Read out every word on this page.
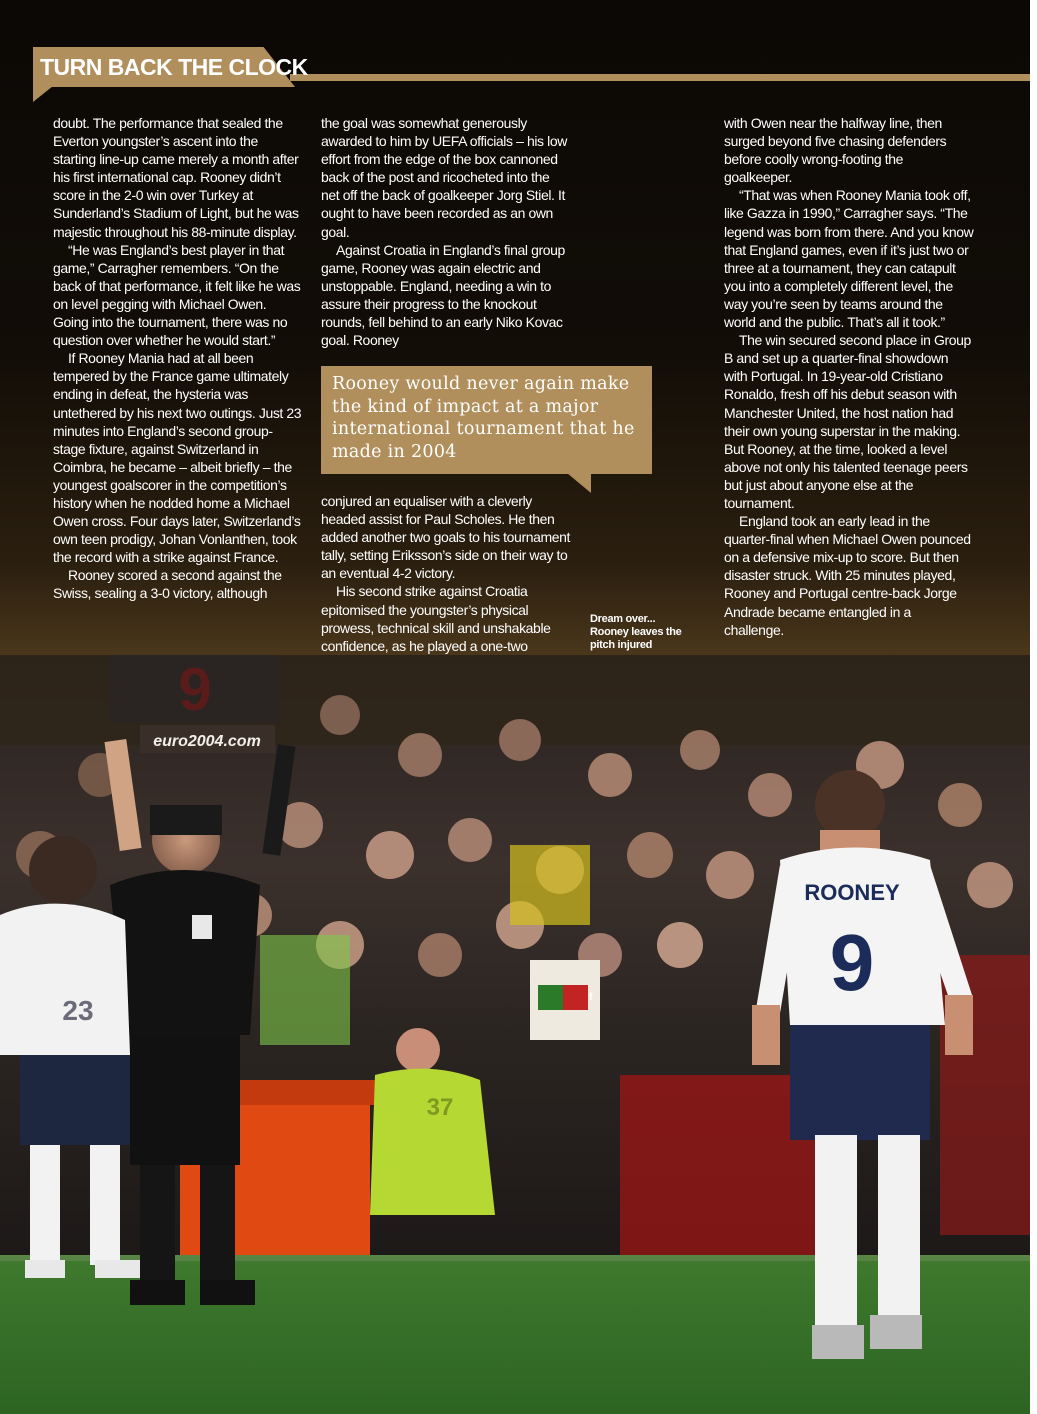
TURN BACK THE CLOCK

doubt. The performance that sealed the Everton youngster’s ascent into the starting line-up came merely a month after his first international cap. Rooney didn’t score in the 2-0 win over Turkey at Sunderland’s Stadium of Light, but he was majestic throughout his 88-minute display.

“He was England’s best player in that game,” Carragher remembers. “On the back of that performance, it felt like he was on level pegging with Michael Owen. Going into the tournament, there was no question over whether he would start.”

If Rooney Mania had at all been tempered by the France game ultimately ending in defeat, the hysteria was untethered by his next two outings. Just 23 minutes into England’s second group-stage fixture, against Switzerland in Coimbra, he became – albeit briefly – the youngest goalscorer in the competition’s history when he nodded home a Michael Owen cross. Four days later, Switzerland’s own teen prodigy, Johan Vonlanthen, took the record with a strike against France.

Rooney scored a second against the Swiss, sealing a 3-0 victory, although

the goal was somewhat generously awarded to him by UEFA officials – his low effort from the edge of the box cannoned back of the post and ricocheted into the net off the back of goalkeeper Jorg Stiel. It ought to have been recorded as an own goal.

Against Croatia in England’s final group game, Rooney was again electric and unstoppable. England, needing a win to assure their progress to the knockout rounds, fell behind to an early Niko Kovac goal. Rooney

Rooney would never again make the kind of impact at a major international tournament that he made in 2004

conjured an equaliser with a cleverly headed assist for Paul Scholes. He then added another two goals to his tournament tally, setting Eriksson’s side on their way to an eventual 4-2 victory.

His second strike against Croatia epitomised the youngster’s physical prowess, technical skill and unshakable confidence, as he played a one-two

with Owen near the halfway line, then surged beyond five chasing defenders before coolly wrong-footing the goalkeeper.

“That was when Rooney Mania took off, like Gazza in 1990,” Carragher says. “The legend was born from there. And you know that England games, even if it’s just two or three at a tournament, they can catapult you into a completely different level, the way you’re seen by teams around the world and the public. That’s all it took.”

The win secured second place in Group B and set up a quarter-final showdown with Portugal. In 19-year-old Cristiano Ronaldo, fresh off his debut season with Manchester United, the host nation had their own young superstar in the making. But Rooney, at the time, looked a level above not only his talented teenage peers but just about anyone else at the tournament.

England took an early lead in the quarter-final when Michael Owen pounced on a defensive mix-up to score. But then disaster struck. With 25 minutes played, Rooney and Portugal centre-back Jorge Andrade became entangled in a challenge.

Dream over... Rooney leaves the pitch injured
9
euro2004.com
23
37
ROONEY
9
f
